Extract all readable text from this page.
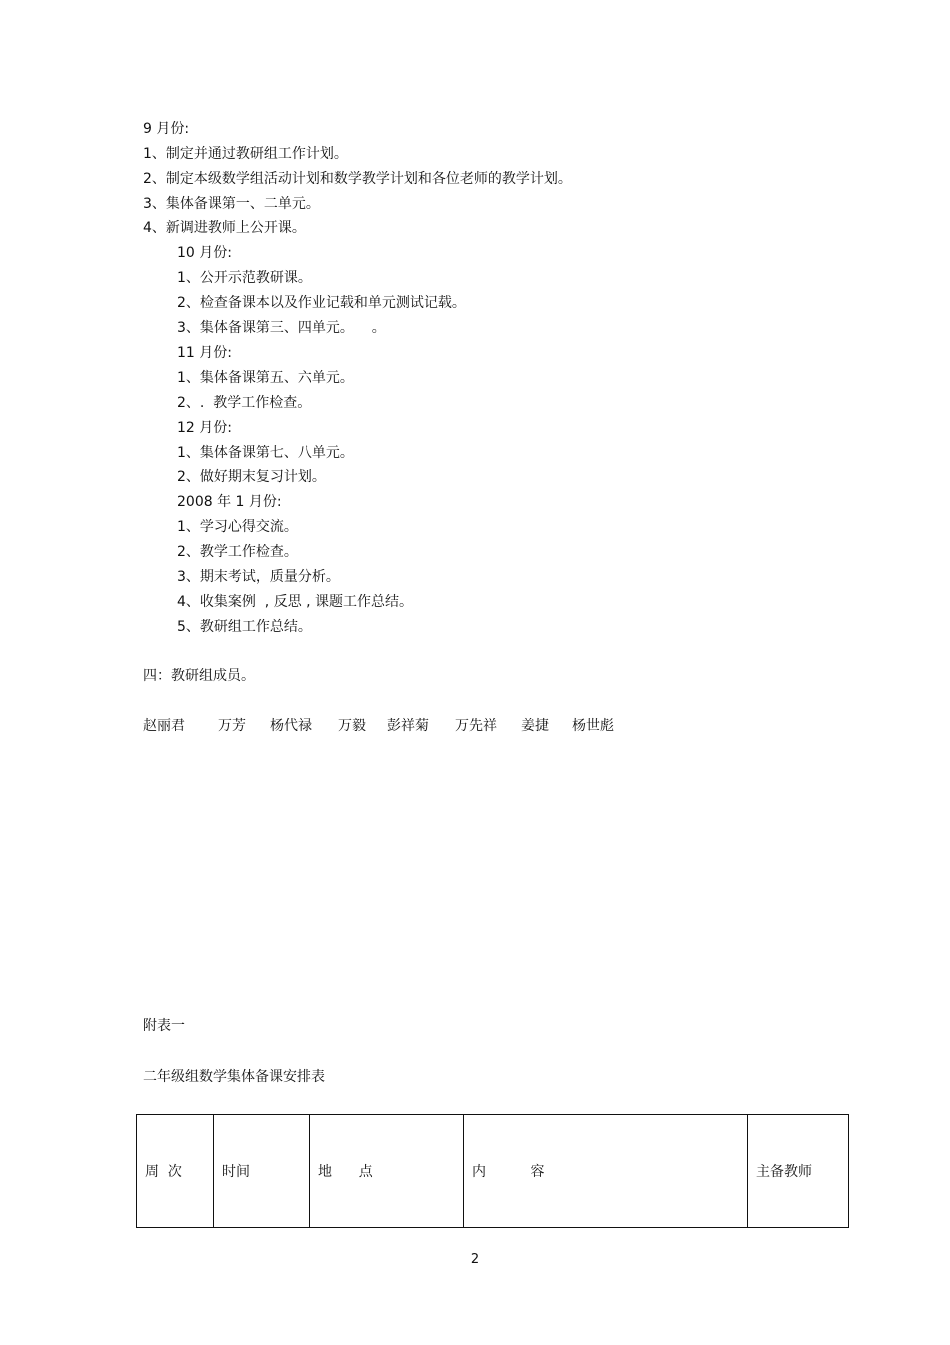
9 月份:
1、制定并通过教研组工作计划。
2、制定本级数学组活动计划和数学教学计划和各位老师的教学计划。
3、集体备课第一、二单元。
4、新调进教师上公开课。
10 月份:
1、公开示范教研课。
2、检查备课本以及作业记载和单元测试记载。
3、集体备课第三、四单元。    。
11 月份:
1、集体备课第五、六单元。
2、.  教学工作检查。
12 月份:
1、集体备课第七、八单元。
2、做好期末复习计划。
2008 年 1 月份:
1、学习心得交流。
2、教学工作检查。
3、期末考试，质量分析。
4、收集案例  , 反思 , 课题工作总结。
5、教研组工作总结。
四：教研组成员。
赵丽君 万芳 杨代禄 万毅 彭祥菊 万先祥 姜捷 杨世彪
附表一
二年级组数学集体备课安排表
周  次	时间	地      点	内          容	主备教师
2
